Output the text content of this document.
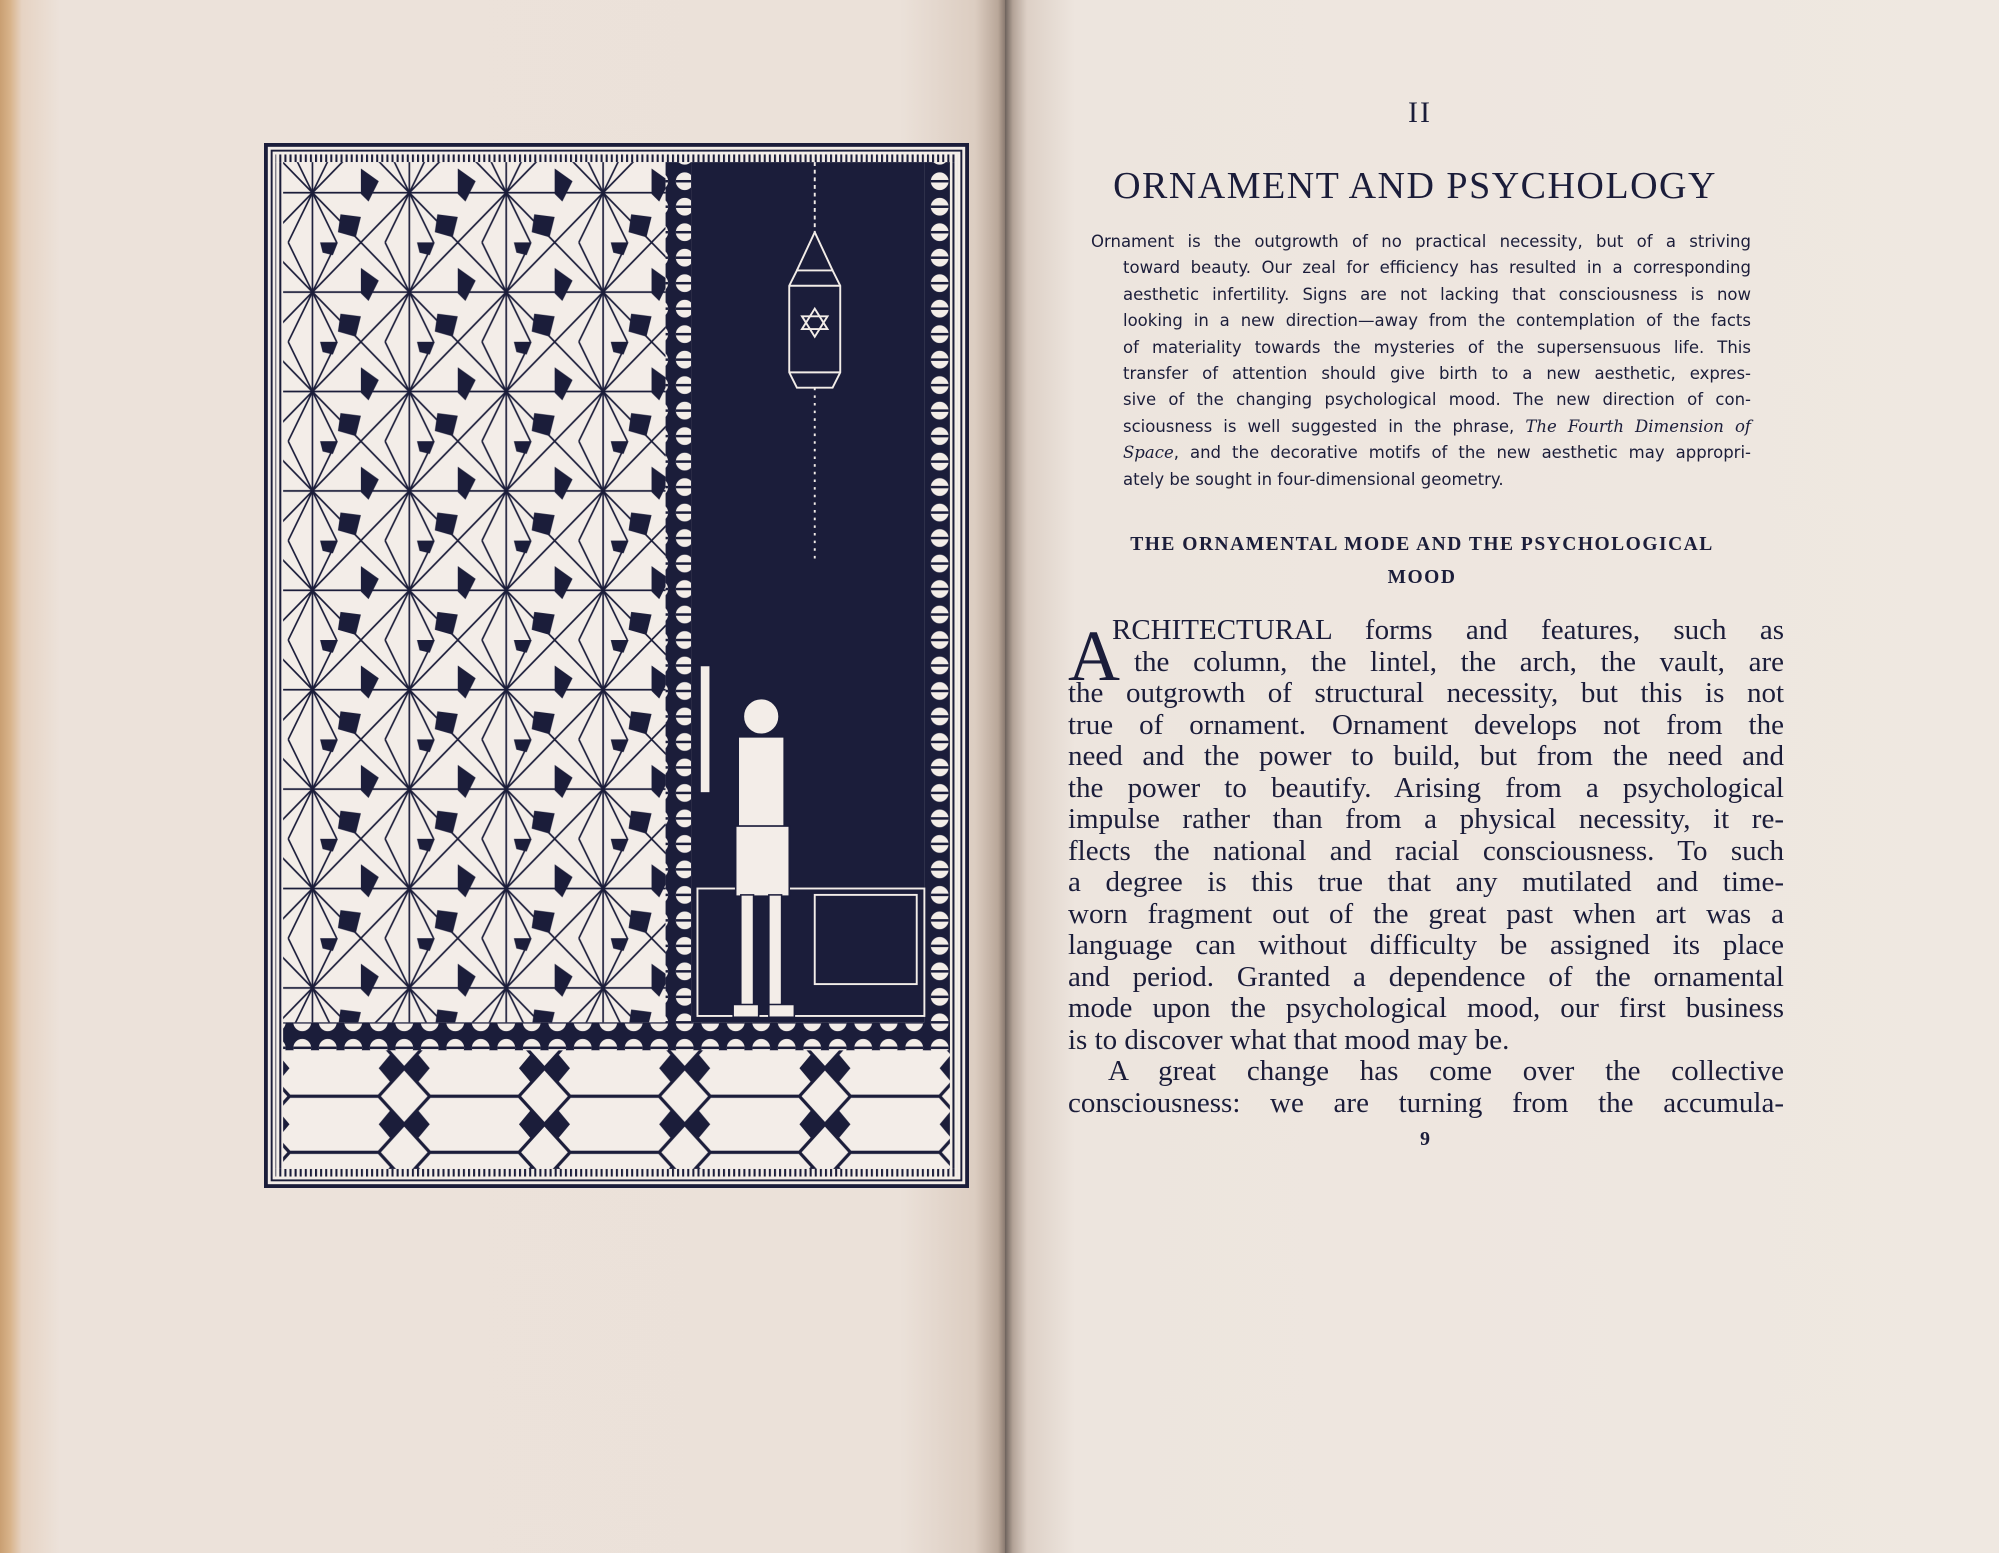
II
ORNAMENT AND PSYCHOLOGY
Ornament is the outgrowth of no practical necessity, but of a striving
toward beauty. Our zeal for efficiency has resulted in a corresponding
aesthetic infertility. Signs are not lacking that consciousness is now
looking in a new direction—away from the contemplation of the facts
of materiality towards the mysteries of the supersensuous life. This
transfer of attention should give birth to a new aesthetic, expres-
sive of the changing psychological mood. The new direction of con-
sciousness is well suggested in the phrase, The Fourth Dimension of
Space, and the decorative motifs of the new aesthetic may appropri-
ately be sought in four-dimensional geometry.
THE ORNAMENTAL MODE AND THE PSYCHOLOGICAL
MOOD
A
RCHITECTURAL forms and features, such as
the column, the lintel, the arch, the vault, are
the outgrowth of structural necessity, but this is not
true of ornament. Ornament develops not from the
need and the power to build, but from the need and
the power to beautify. Arising from a psychological
impulse rather than from a physical necessity, it re-
flects the national and racial consciousness. To such
a degree is this true that any mutilated and time-
worn fragment out of the great past when art was a
language can without difficulty be assigned its place
and period. Granted a dependence of the ornamental
mode upon the psychological mood, our first business
is to discover what that mood may be.
A great change has come over the collective
consciousness: we are turning from the accumula-
9
